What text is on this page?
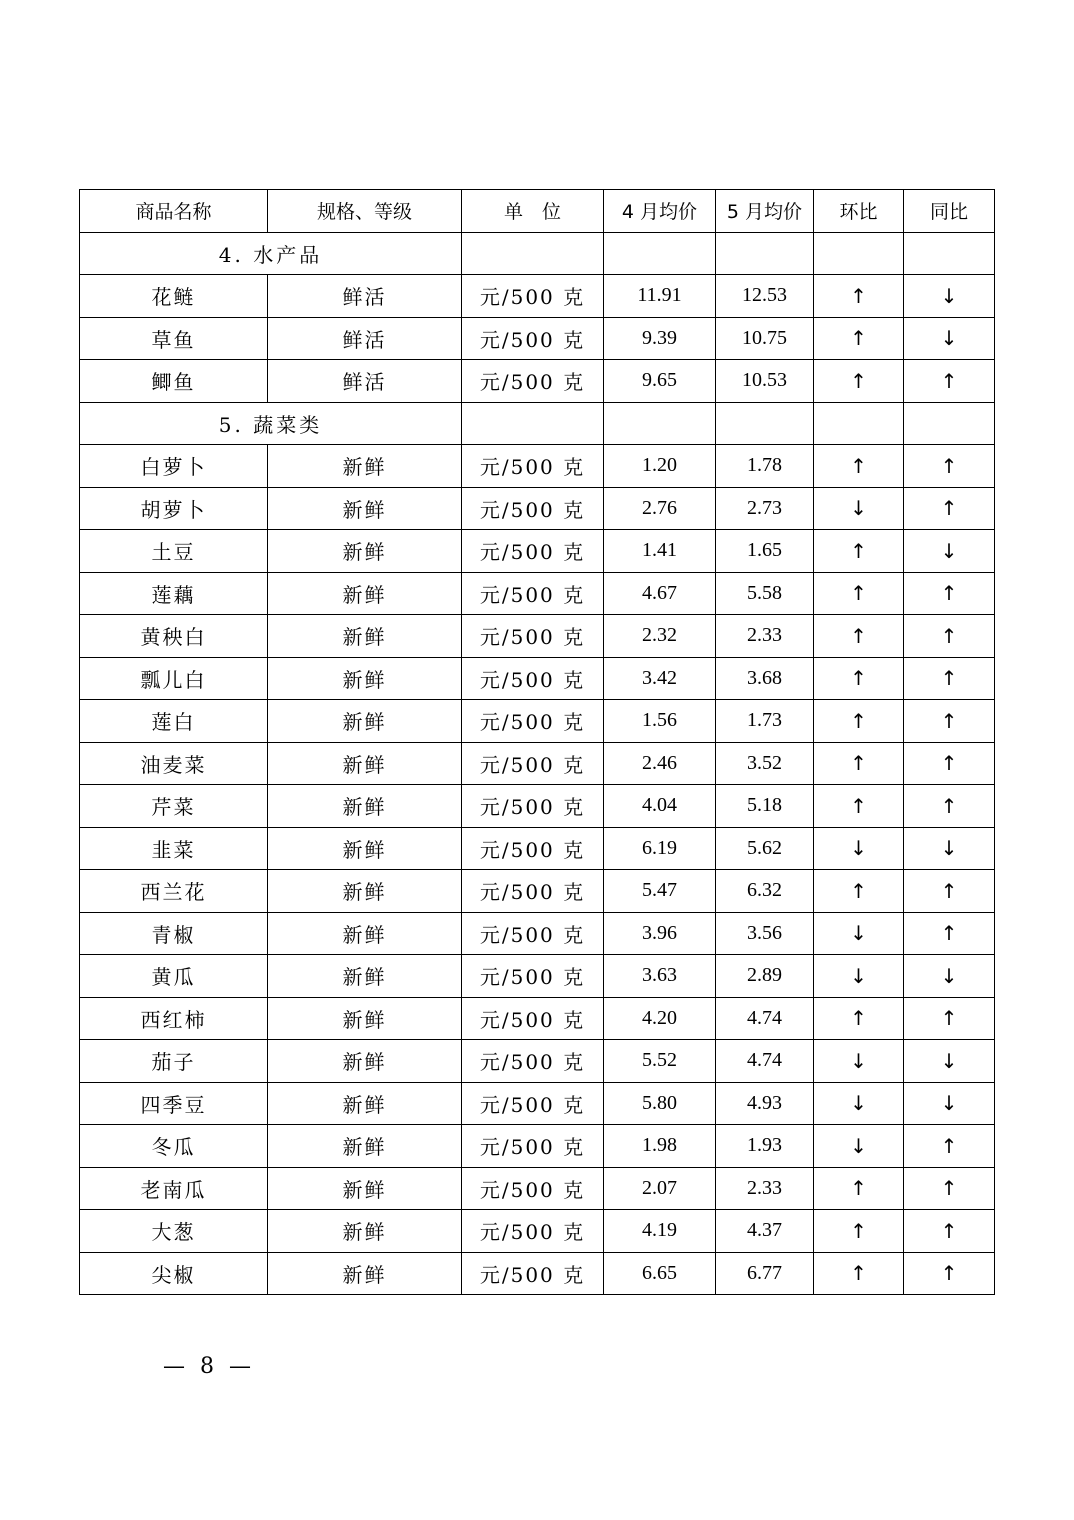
商品名称	规格、等级	单　位	4 月均价	5 月均价	环比	同比
4. 水产品						
花鲢	鲜活	元/500 克	11.91	12.53	↑	↓
草鱼	鲜活	元/500 克	9.39	10.75	↑	↓
鲫鱼	鲜活	元/500 克	9.65	10.53	↑	↑
5. 蔬菜类						
白萝卜	新鲜	元/500 克	1.20	1.78	↑	↑
胡萝卜	新鲜	元/500 克	2.76	2.73	↓	↑
土豆	新鲜	元/500 克	1.41	1.65	↑	↓
莲藕	新鲜	元/500 克	4.67	5.58	↑	↑
黄秧白	新鲜	元/500 克	2.32	2.33	↑	↑
瓢儿白	新鲜	元/500 克	3.42	3.68	↑	↑
莲白	新鲜	元/500 克	1.56	1.73	↑	↑
油麦菜	新鲜	元/500 克	2.46	3.52	↑	↑
芹菜	新鲜	元/500 克	4.04	5.18	↑	↑
韭菜	新鲜	元/500 克	6.19	5.62	↓	↓
西兰花	新鲜	元/500 克	5.47	6.32	↑	↑
青椒	新鲜	元/500 克	3.96	3.56	↓	↑
黄瓜	新鲜	元/500 克	3.63	2.89	↓	↓
西红柿	新鲜	元/500 克	4.20	4.74	↑	↑
茄子	新鲜	元/500 克	5.52	4.74	↓	↓
四季豆	新鲜	元/500 克	5.80	4.93	↓	↓
冬瓜	新鲜	元/500 克	1.98	1.93	↓	↑
老南瓜	新鲜	元/500 克	2.07	2.33	↑	↑
大葱	新鲜	元/500 克	4.19	4.37	↑	↑
尖椒	新鲜	元/500 克	6.65	6.77	↑	↑
— 8 —
